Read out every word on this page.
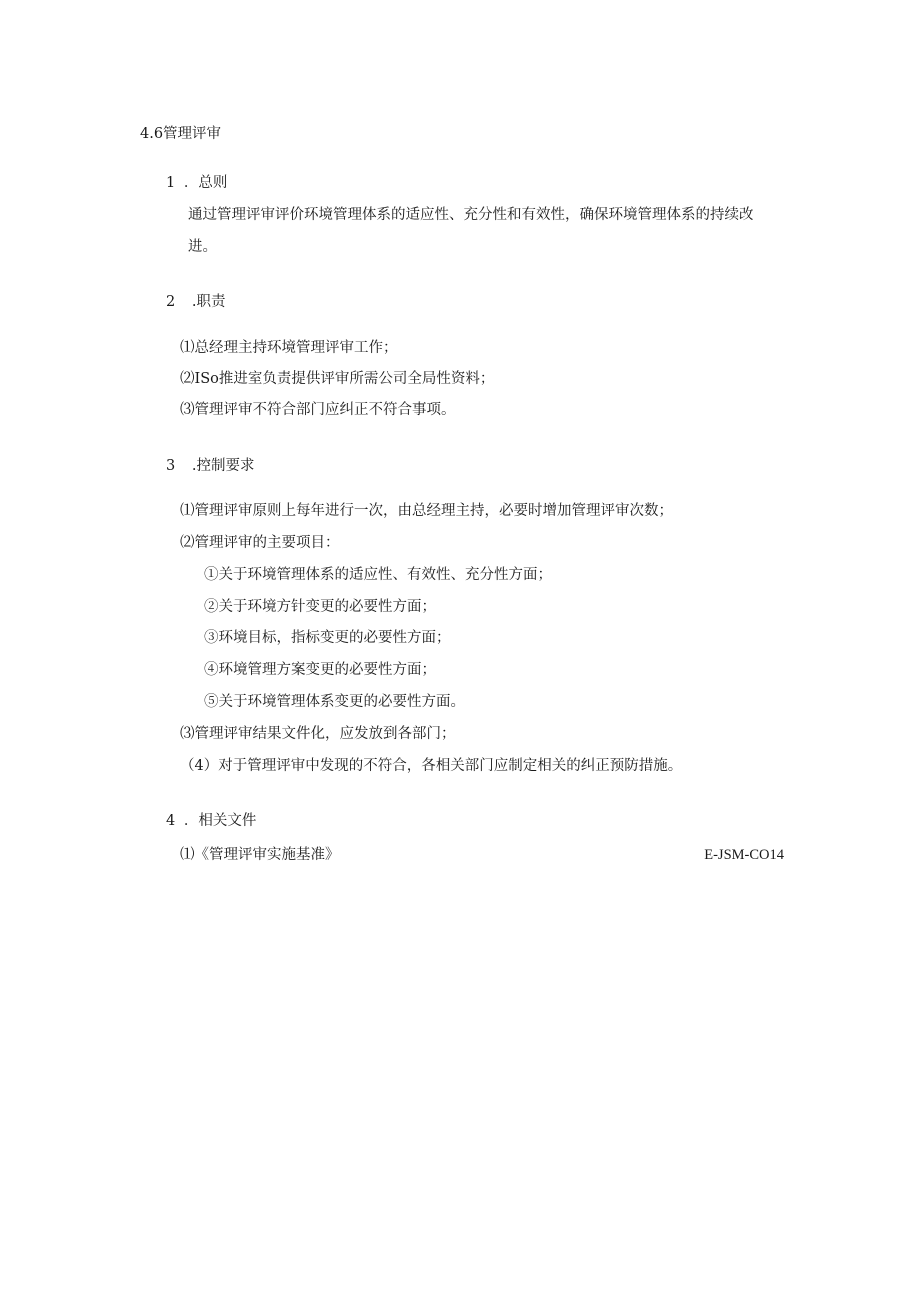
4.6管理评审
1 ．总则
通过管理评审评价环境管理体系的适应性、充分性和有效性，确保环境管理体系的持续改
进。
2 .职责
⑴总经理主持环境管理评审工作；
⑵ISo推进室负责提供评审所需公司全局性资料；
⑶管理评审不符合部门应纠正不符合事项。
3 .控制要求
⑴管理评审原则上每年进行一次，由总经理主持，必要时增加管理评审次数；
⑵管理评审的主要项目：
①关于环境管理体系的适应性、有效性、充分性方面；
②关于环境方针变更的必要性方面；
③环境目标，指标变更的必要性方面；
④环境管理方案变更的必要性方面；
⑤关于环境管理体系变更的必要性方面。
⑶管理评审结果文件化，应发放到各部门；
（4）对于管理评审中发现的不符合，各相关部门应制定相关的纠正预防措施。
4 ．相关文件
⑴《管理评审实施基准》	E-JSM-CO14
